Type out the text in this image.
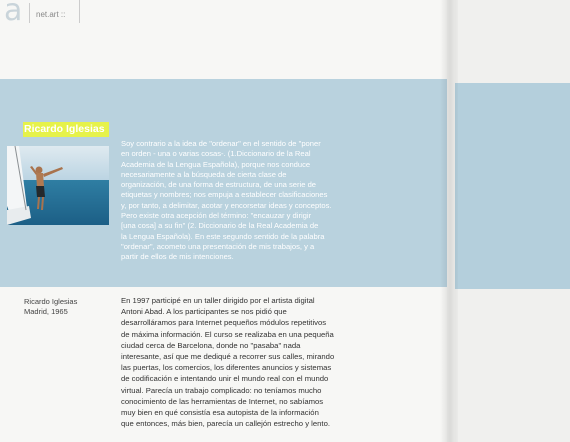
a net.art ::
Ricardo Iglesias
Ricardo Iglesias
Madrid, 1965
Soy contrario a la idea de "ordenar" en el sentido de "poner
en orden - una o varias cosas-. (1.Diccionario de la Real
Academia de la Lengua Española), porque nos conduce
necesariamente a la búsqueda de cierta clase de
organización, de una forma de estructura, de una serie de
etiquetas y nombres; nos empuja a establecer clasificaciones
y, por tanto, a delimitar, acotar y encorsetar ideas y conceptos.
Pero existe otra acepción del término: "encauzar y dirigir
[una cosa] a su fin" (2. Diccionario de la Real Academia de
la Lengua Española). En este segundo sentido de la palabra
"ordenar", acometo una presentación de mis trabajos, y a
partir de ellos de mis intenciones.
En 1997 participé en un taller dirigido por el artista digital
Antoni Abad. A los participantes se nos pidió que
desarrolláramos para Internet pequeños módulos repetitivos
de máxima información. El curso se realizaba en una pequeña
ciudad cerca de Barcelona, donde no "pasaba" nada
interesante, así que me dediqué a recorrer sus calles, mirando
las puertas, los comercios, los diferentes anuncios y sistemas
de codificación e intentando unir el mundo real con el mundo
virtual. Parecía un trabajo complicado: no teníamos mucho
conocimiento de las herramientas de Internet, no sabíamos
muy bien en qué consistía esa autopista de la información
que entonces, más bien, parecía un callejón estrecho y lento.
